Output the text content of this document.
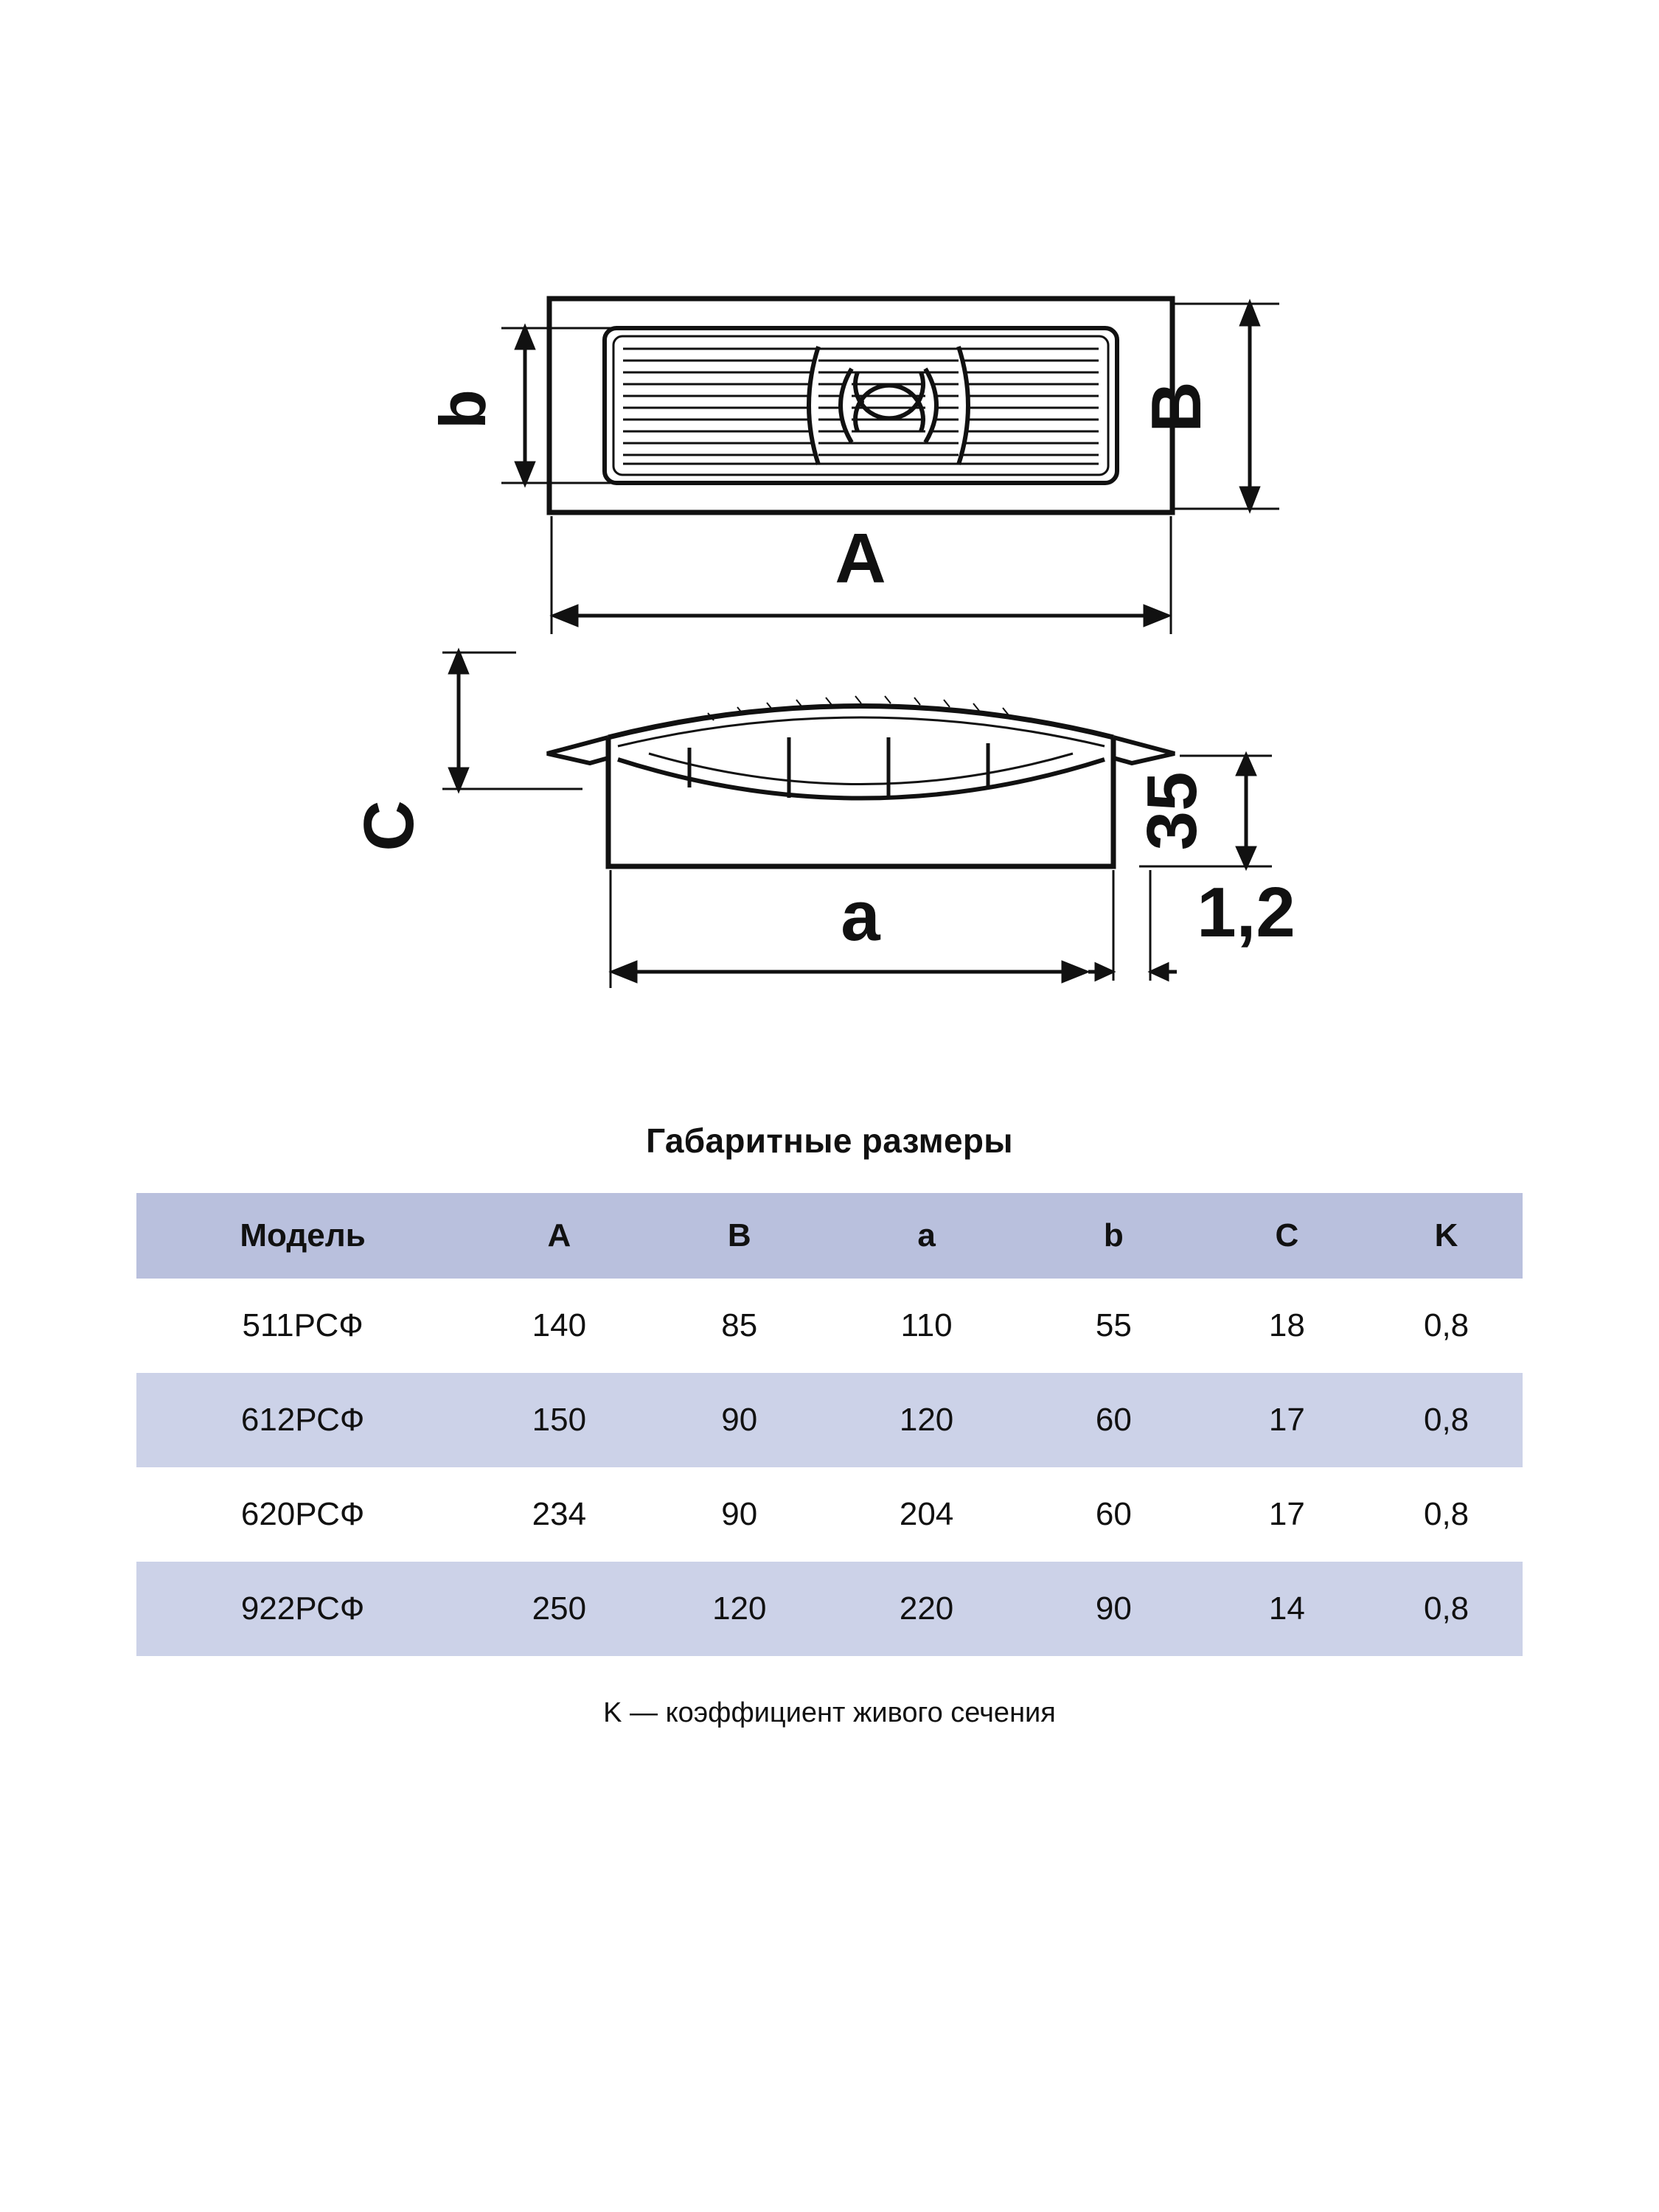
b	B
A
C	35
1,2
a
Габаритные размеры
Модель	A	B	a	b	C	K
511РСФ	140	85	110	55	18	0,8
612РСФ	150	90	120	60	17	0,8
620РСФ	234	90	204	60	17	0,8
922РСФ	250	120	220	90	14	0,8
K — коэффициент живого сечения
